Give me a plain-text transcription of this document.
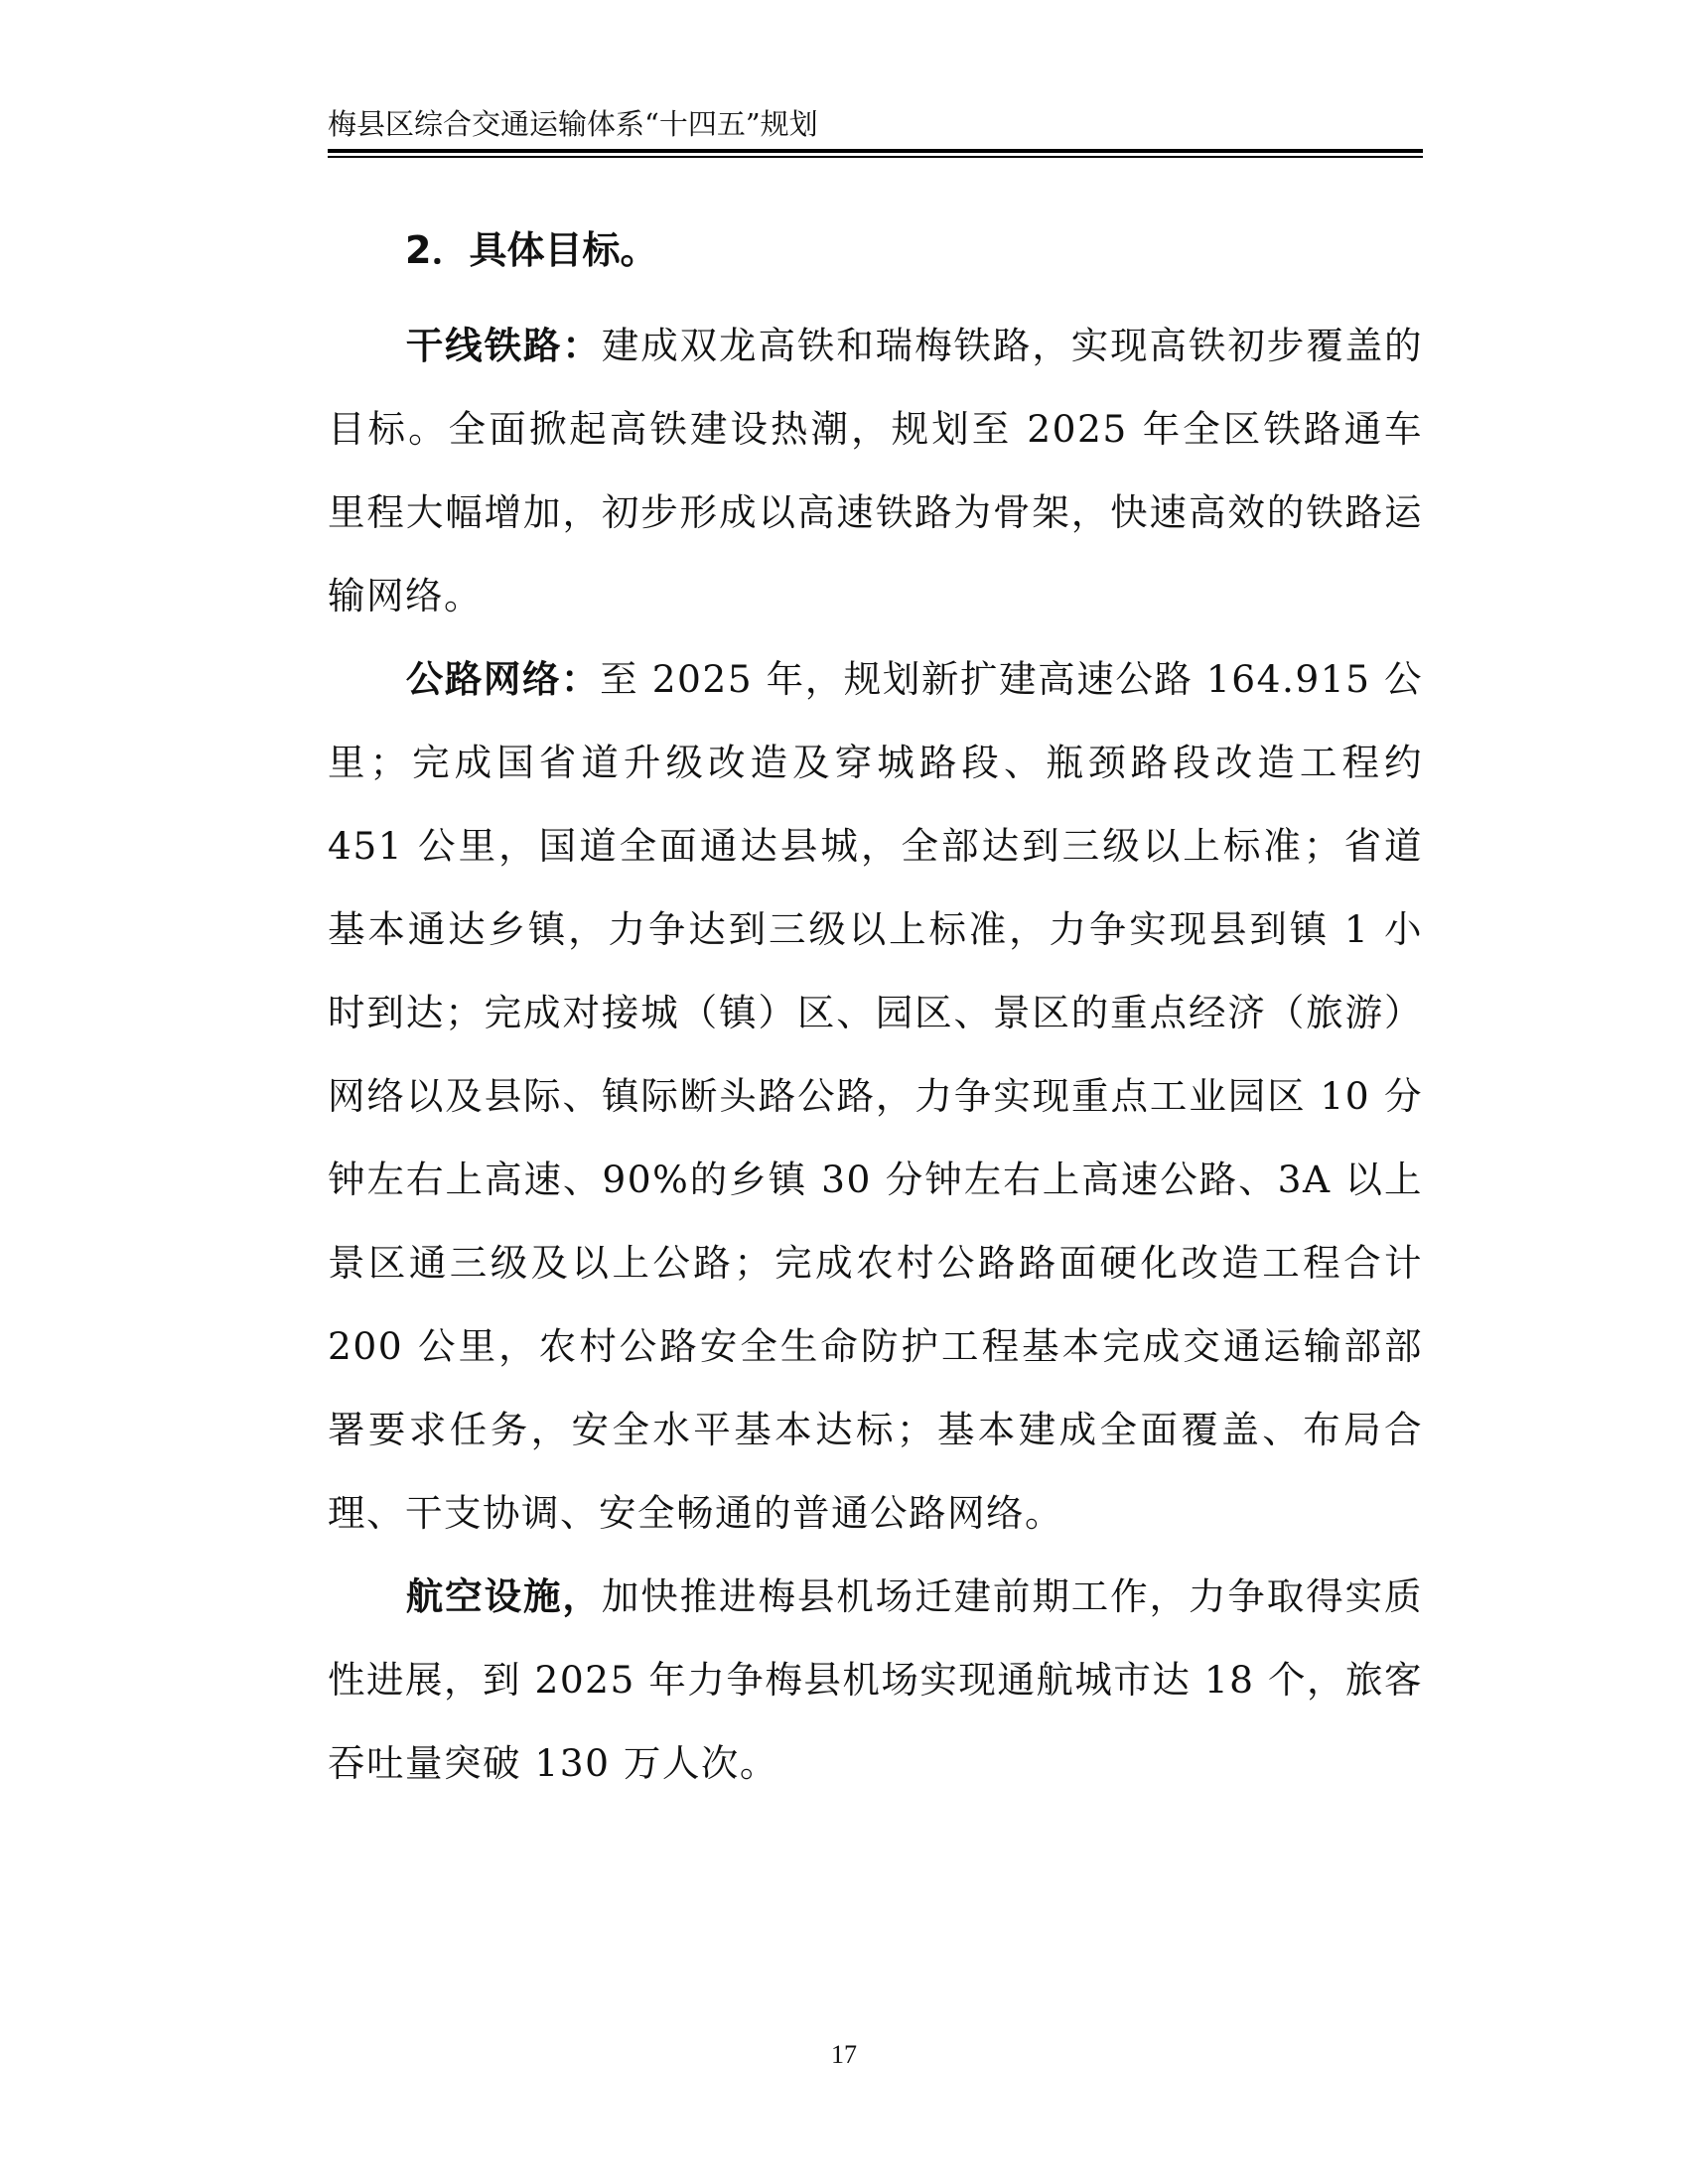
梅县区综合交通运输体系“十四五”规划
2．具体目标。

干线铁路：建成双龙高铁和瑞梅铁路，实现高铁初步覆盖的目标。全面掀起高铁建设热潮，规划至 2025 年全区铁路通车里程大幅增加，初步形成以高速铁路为骨架，快速高效的铁路运输网络。

公路网络：至 2025 年，规划新扩建高速公路 164.915 公里；完成国省道升级改造及穿城路段、瓶颈路段改造工程约 451 公里，国道全面通达县城，全部达到三级以上标准；省道基本通达乡镇，力争达到三级以上标准，力争实现县到镇 1 小时到达；完成对接城（镇）区、园区、景区的重点经济（旅游）网络以及县际、镇际断头路公路，力争实现重点工业园区 10 分钟左右上高速、90%的乡镇 30 分钟左右上高速公路、3A 以上景区通三级及以上公路；完成农村公路路面硬化改造工程合计 200 公里，农村公路安全生命防护工程基本完成交通运输部部署要求任务，安全水平基本达标；基本建成全面覆盖、布局合理、干支协调、安全畅通的普通公路网络。

航空设施，加快推进梅县机场迁建前期工作，力争取得实质性进展，到 2025 年力争梅县机场实现通航城市达 18 个，旅客吞吐量突破 130 万人次。

17
